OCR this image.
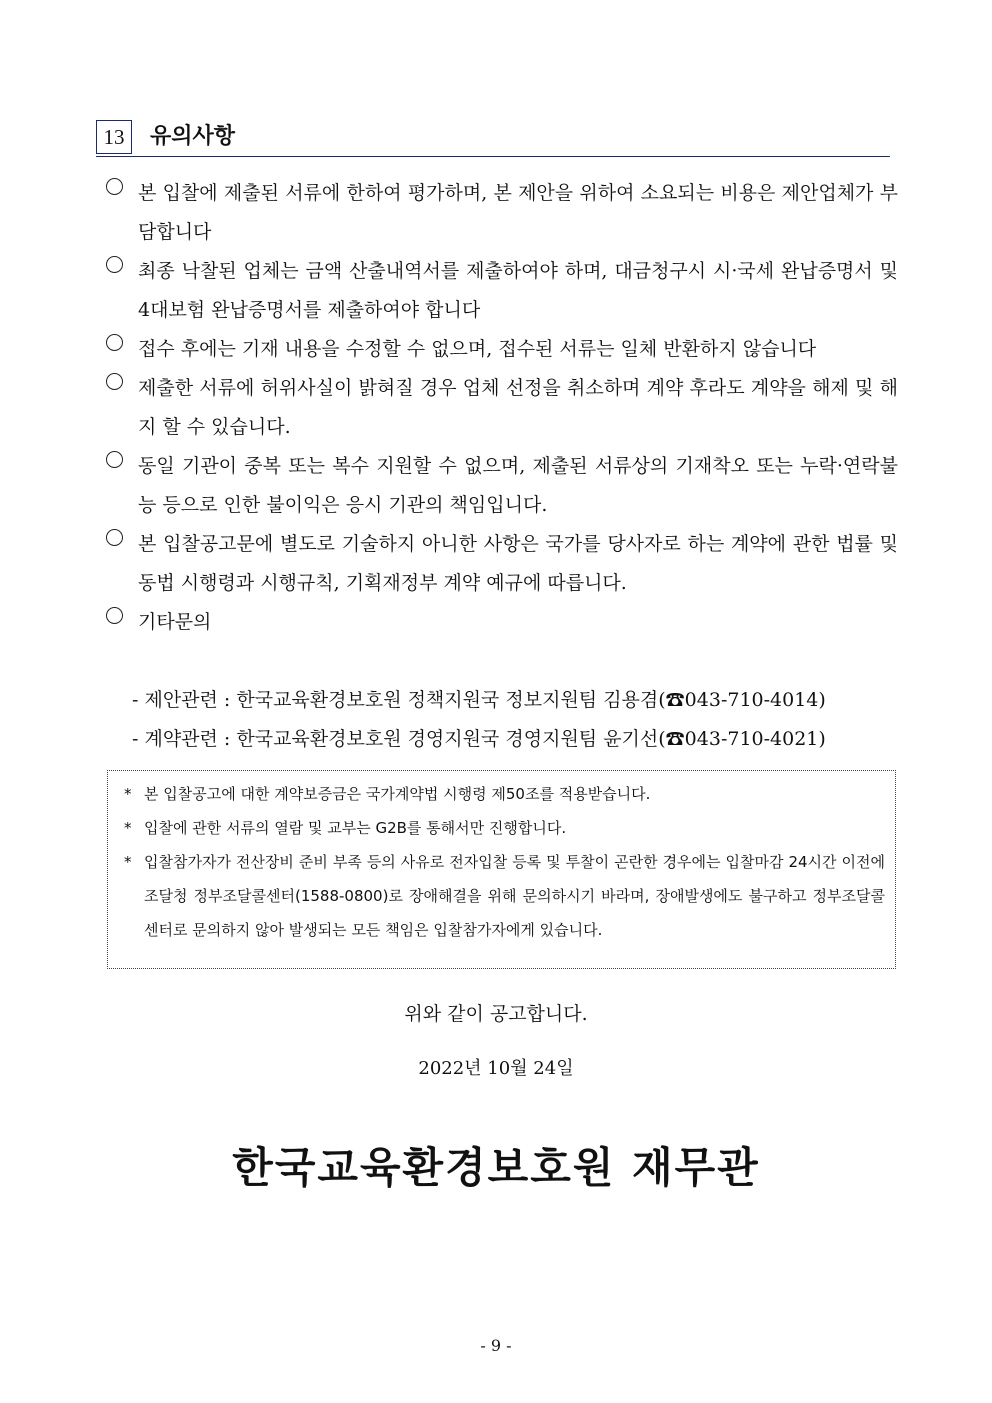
13	유의사항
본 입찰에 제출된 서류에 한하여 평가하며, 본 제안을 위하여 소요되는 비용은 제안업체가 부담합니다
최종 낙찰된 업체는 금액 산출내역서를 제출하여야 하며, 대금청구시 시·국세 완납증명서 및 4대보험 완납증명서를 제출하여야 합니다
접수 후에는 기재 내용을 수정할 수 없으며, 접수된 서류는 일체 반환하지 않습니다
제출한 서류에 허위사실이 밝혀질 경우 업체 선정을 취소하며 계약 후라도 계약을 해제 및 해지 할 수 있습니다.
동일 기관이 중복 또는 복수 지원할 수 없으며, 제출된 서류상의 기재착오 또는 누락·연락불능 등으로 인한 불이익은 응시 기관의 책임입니다.
본 입찰공고문에 별도로 기술하지 아니한 사항은 국가를 당사자로 하는 계약에 관한 법률 및 동법 시행령과 시행규칙, 기획재정부 계약 예규에 따릅니다.
기타문의
- 제안관련 : 한국교육환경보호원 정책지원국 정보지원팀 김용겸(☎043-710-4014)
- 계약관련 : 한국교육환경보호원 경영지원국 경영지원팀 윤기선(☎043-710-4021)
* 본 입찰공고에 대한 계약보증금은 국가계약법 시행령 제50조를 적용받습니다.
* 입찰에 관한 서류의 열람 및 교부는 G2B를 통해서만 진행합니다.
* 입찰참가자가 전산장비 준비 부족 등의 사유로 전자입찰 등록 및 투찰이 곤란한 경우에는 입찰마감 24시간 이전에 조달청 정부조달콜센터(1588-0800)로 장애해결을 위해 문의하시기 바라며, 장애발생에도 불구하고 정부조달콜센터로 문의하지 않아 발생되는 모든 책임은 입찰참가자에게 있습니다.
위와 같이 공고합니다.
2022년 10월 24일
한국교육환경보호원 재무관
- 9 -
